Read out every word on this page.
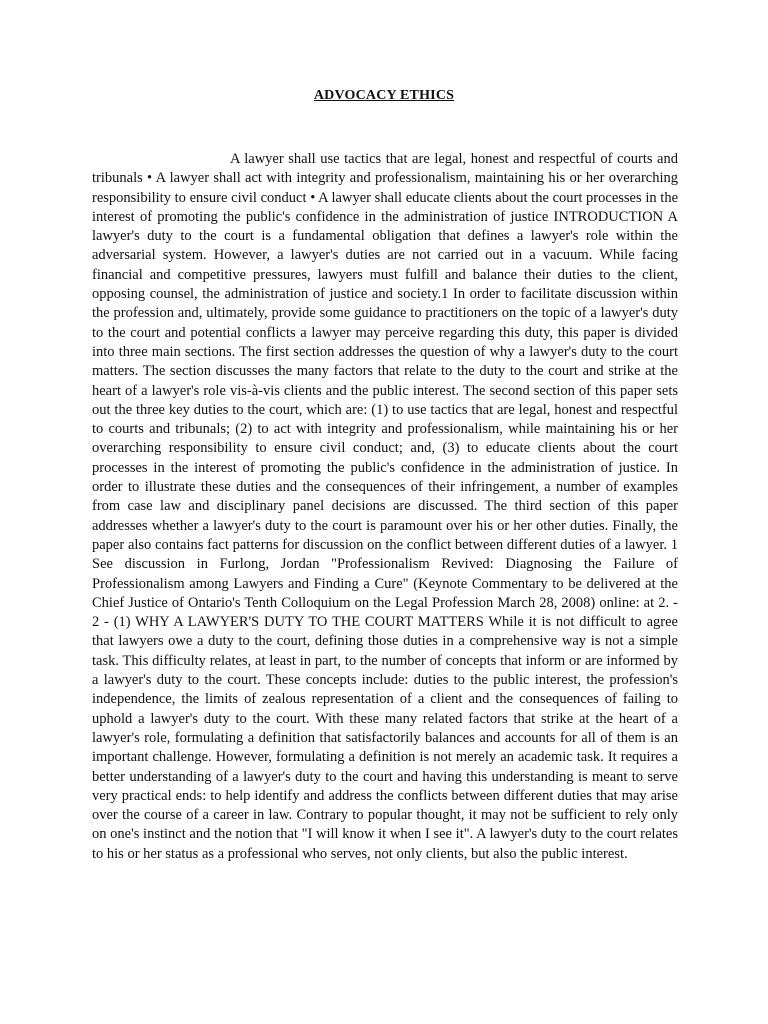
ADVOCACY ETHICS

A lawyer shall use tactics that are legal, honest and respectful of courts and tribunals • A lawyer shall act with integrity and professionalism, maintaining his or her overarching responsibility to ensure civil conduct • A lawyer shall educate clients about the court processes in the interest of promoting the public's confidence in the administration of justice INTRODUCTION A lawyer's duty to the court is a fundamental obligation that defines a lawyer's role within the adversarial system. However, a lawyer's duties are not carried out in a vacuum. While facing financial and competitive pressures, lawyers must fulfill and balance their duties to the client, opposing counsel, the administration of justice and society.1 In order to facilitate discussion within the profession and, ultimately, provide some guidance to practitioners on the topic of a lawyer's duty to the court and potential conflicts a lawyer may perceive regarding this duty, this paper is divided into three main sections. The first section addresses the question of why a lawyer's duty to the court matters. The section discusses the many factors that relate to the duty to the court and strike at the heart of a lawyer's role vis-à-vis clients and the public interest. The second section of this paper sets out the three key duties to the court, which are: (1) to use tactics that are legal, honest and respectful to courts and tribunals; (2) to act with integrity and professionalism, while maintaining his or her overarching responsibility to ensure civil conduct; and, (3) to educate clients about the court processes in the interest of promoting the public's confidence in the administration of justice. In order to illustrate these duties and the consequences of their infringement, a number of examples from case law and disciplinary panel decisions are discussed. The third section of this paper addresses whether a lawyer's duty to the court is paramount over his or her other duties. Finally, the paper also contains fact patterns for discussion on the conflict between different duties of a lawyer. 1 See discussion in Furlong, Jordan "Professionalism Revived: Diagnosing the Failure of Professionalism among Lawyers and Finding a Cure" (Keynote Commentary to be delivered at the Chief Justice of Ontario's Tenth Colloquium on the Legal Profession March 28, 2008) online: at 2. - 2 - (1) WHY A LAWYER'S DUTY TO THE COURT MATTERS While it is not difficult to agree that lawyers owe a duty to the court, defining those duties in a comprehensive way is not a simple task. This difficulty relates, at least in part, to the number of concepts that inform or are informed by a lawyer's duty to the court. These concepts include: duties to the public interest, the profession's independence, the limits of zealous representation of a client and the consequences of failing to uphold a lawyer's duty to the court. With these many related factors that strike at the heart of a lawyer's role, formulating a definition that satisfactorily balances and accounts for all of them is an important challenge. However, formulating a definition is not merely an academic task. It requires a better understanding of a lawyer's duty to the court and having this understanding is meant to serve very practical ends: to help identify and address the conflicts between different duties that may arise over the course of a career in law. Contrary to popular thought, it may not be sufficient to rely only on one's instinct and the notion that "I will know it when I see it". A lawyer's duty to the court relates to his or her status as a professional who serves, not only clients, but also the public interest.
